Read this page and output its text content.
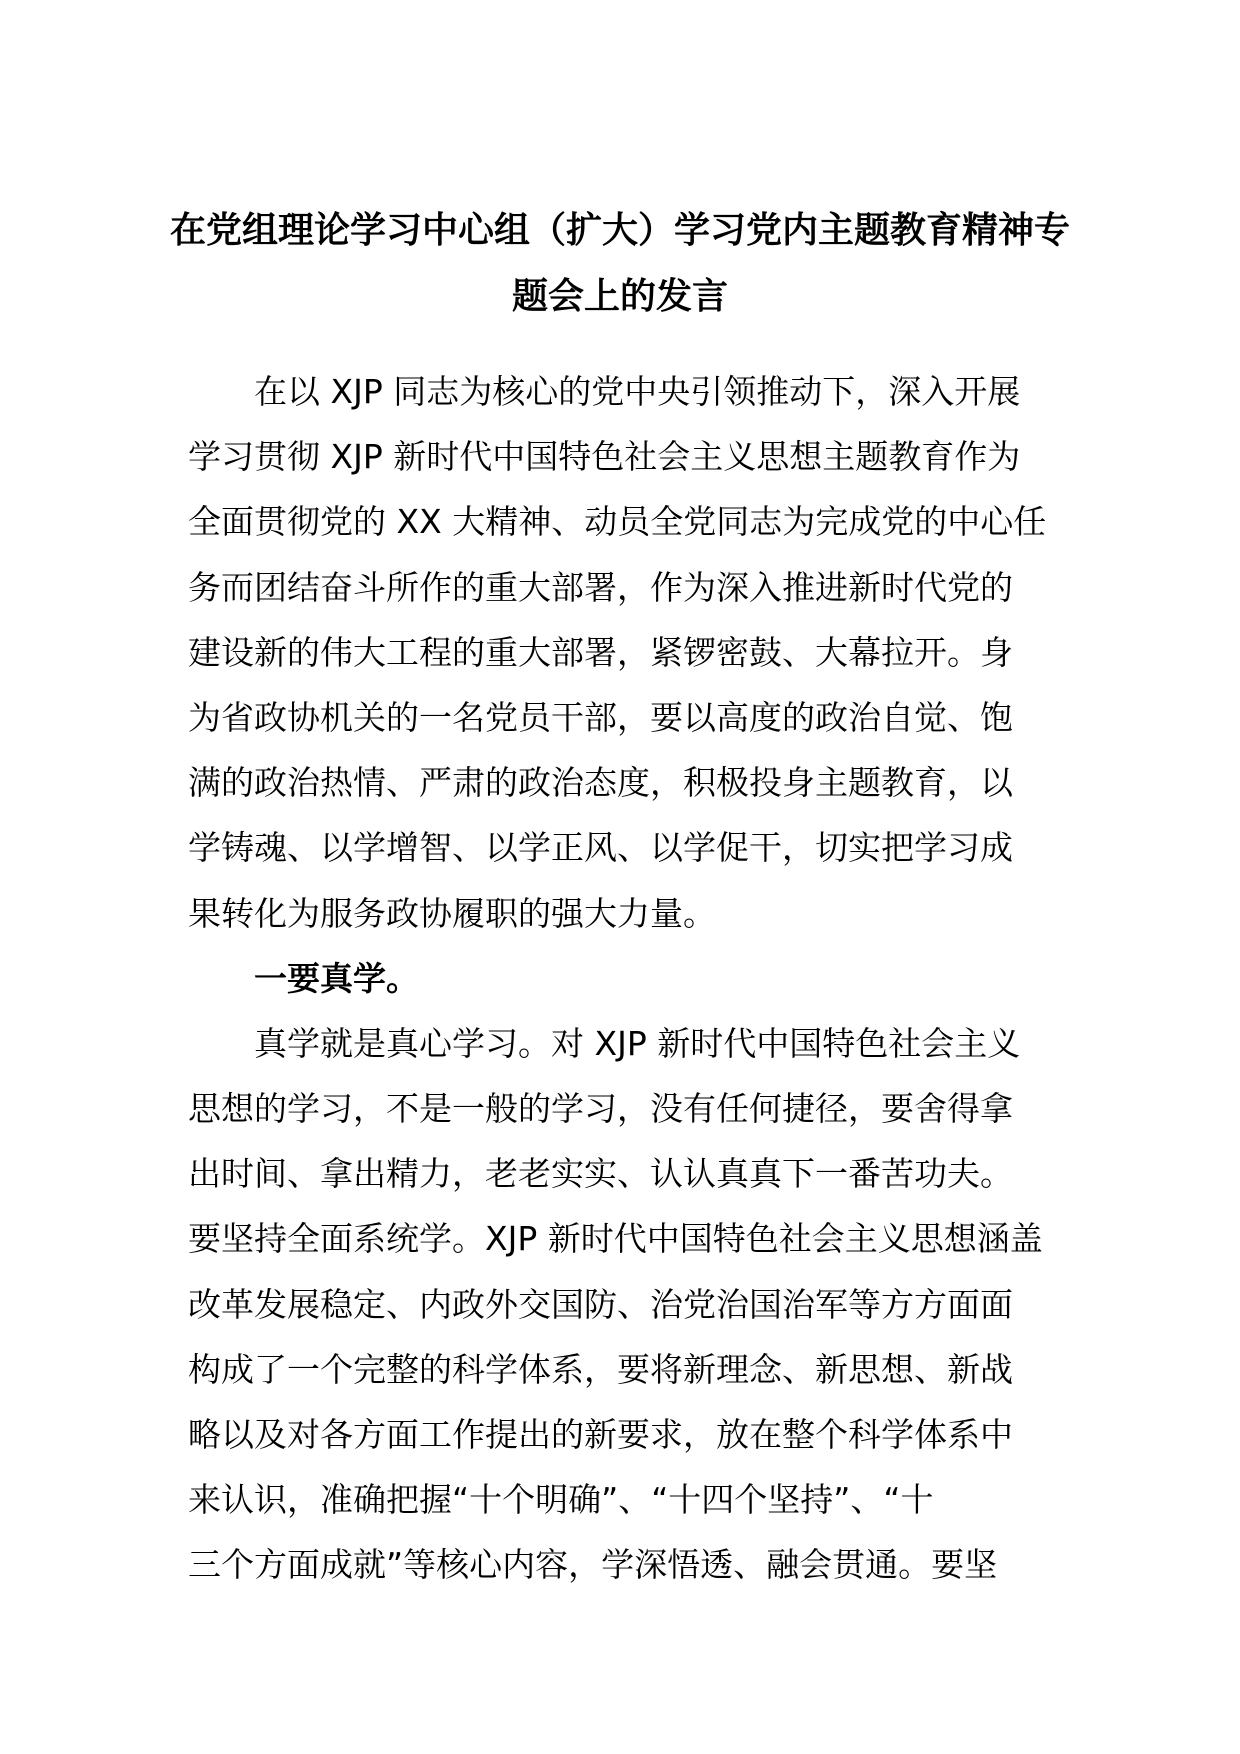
在党组理论学习中心组（扩大）学习党内主题教育精神专
题会上的发言
在以 XJP 同志为核心的党中央引领推动下，深入开展
学习贯彻 XJP 新时代中国特色社会主义思想主题教育作为
全面贯彻党的 XX 大精神、动员全党同志为完成党的中心任
务而团结奋斗所作的重大部署，作为深入推进新时代党的
建设新的伟大工程的重大部署，紧锣密鼓、大幕拉开。身
为省政协机关的一名党员干部，要以高度的政治自觉、饱
满的政治热情、严肃的政治态度，积极投身主题教育，以
学铸魂、以学增智、以学正风、以学促干，切实把学习成
果转化为服务政协履职的强大力量。
一要真学。
真学就是真心学习。对 XJP 新时代中国特色社会主义
思想的学习，不是一般的学习，没有任何捷径，要舍得拿
出时间、拿出精力，老老实实、认认真真下一番苦功夫。
要坚持全面系统学。XJP 新时代中国特色社会主义思想涵盖
改革发展稳定、内政外交国防、治党治国治军等方方面面
构成了一个完整的科学体系，要将新理念、新思想、新战
略以及对各方面工作提出的新要求，放在整个科学体系中
来认识，准确把握“十个明确”、“十四个坚持”、“十
三个方面成就”等核心内容，学深悟透、融会贯通。要坚
